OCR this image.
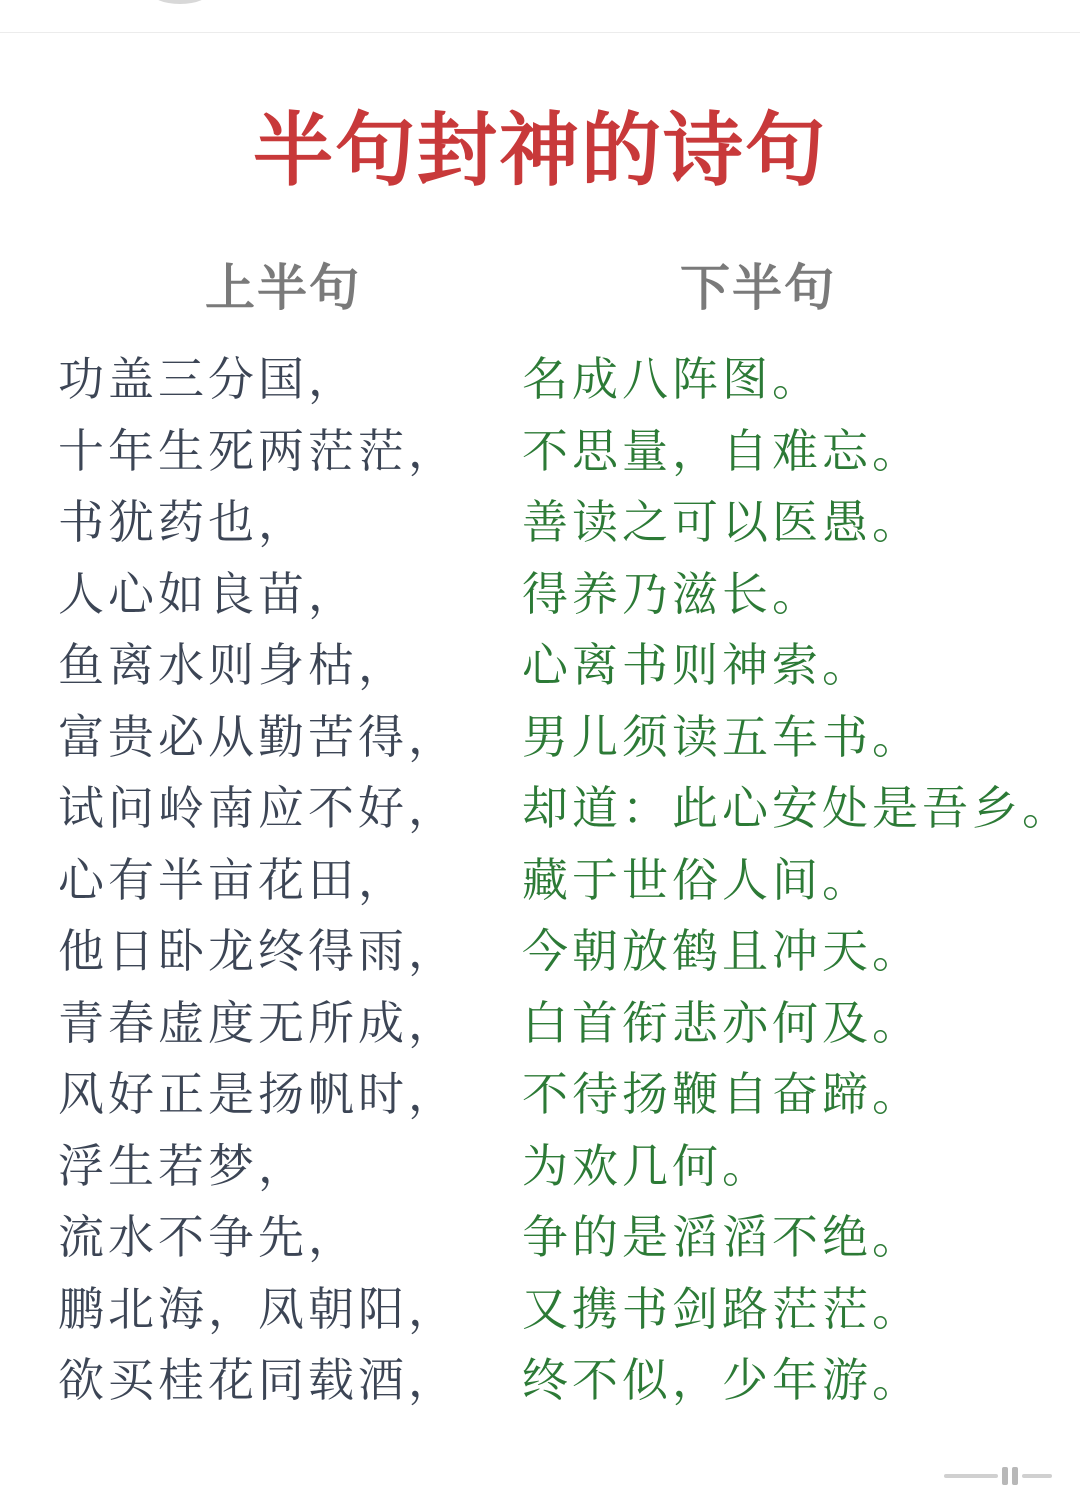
半句封神的诗句
上半句	下半句
功盖三分国，
十年生死两茫茫，
书犹药也，
人心如良苗，
鱼离水则身枯，
富贵必从勤苦得，
试问岭南应不好，
心有半亩花田，
他日卧龙终得雨，
青春虚度无所成，
风好正是扬帆时，
浮生若梦，
流水不争先，
鹏北海，凤朝阳，
欲买桂花同载酒，
名成八阵图。
不思量，自难忘。
善读之可以医愚。
得养乃滋长。
心离书则神索。
男儿须读五车书。
却道：此心安处是吾乡。
藏于世俗人间。
今朝放鹤且冲天。
白首衔悲亦何及。
不待扬鞭自奋蹄。
为欢几何。
争的是滔滔不绝。
又携书剑路茫茫。
终不似，少年游。
